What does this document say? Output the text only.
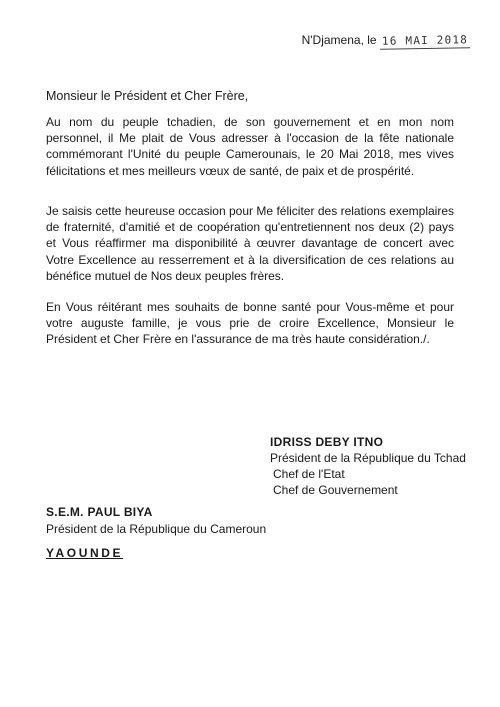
N'Djamena, le 16 MAI 2018
Monsieur le Président et Cher Frère,

Au nom du peuple tchadien, de son gouvernement et en mon nom personnel, il Me plait de Vous adresser à l'occasion de la fête nationale commémorant l'Unité du peuple Camerounais, le 20 Mai 2018, mes vives félicitations et mes meilleurs vœux de santé, de paix et de prospérité.

Je saisis cette heureuse occasion pour Me féliciter des relations exemplaires de fraternité, d'amitié et de coopération qu'entretiennent nos deux (2) pays et Vous réaffirmer ma disponibilité à œuvrer davantage de concert avec Votre Excellence au resserrement et à la diversification de ces relations au bénéfice mutuel de Nos deux peuples frères.

En Vous réitérant mes souhaits de bonne santé pour Vous-même et pour votre auguste famille, je vous prie de croire Excellence, Monsieur le Président et Cher Frère en l'assurance de ma très haute considération./.

IDRISS DEBY ITNO
Président de la République du Tchad
Chef de l'Etat
Chef de Gouvernement
S.E.M. PAUL BIYA
Président de la République du Cameroun
YAOUNDE
